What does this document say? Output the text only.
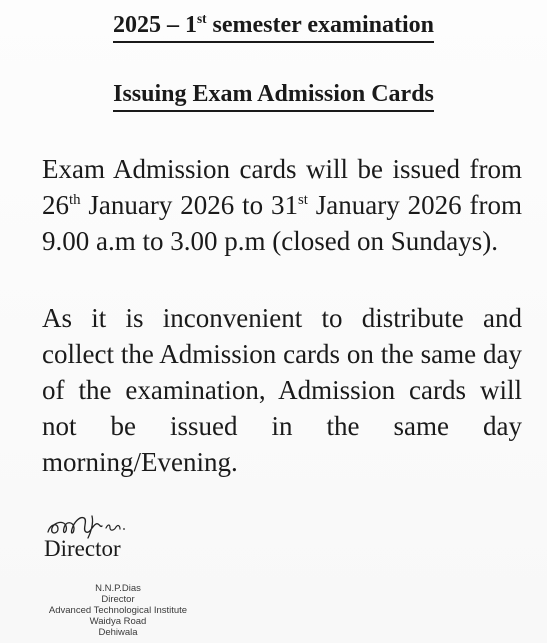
2025 – 1st semester examination
Issuing Exam Admission Cards

Exam Admission cards will be issued from 26th January 2026 to 31st January 2026 from 9.00 a.m to 3.00 p.m (closed on Sundays).

As it is inconvenient to distribute and collect the Admission cards on the same day of the examination, Admission cards will not be issued in the same day morning/Evening.

Director
N.N.P.Dias
Director
Advanced Technological Institute
Waidya Road
Dehiwala
